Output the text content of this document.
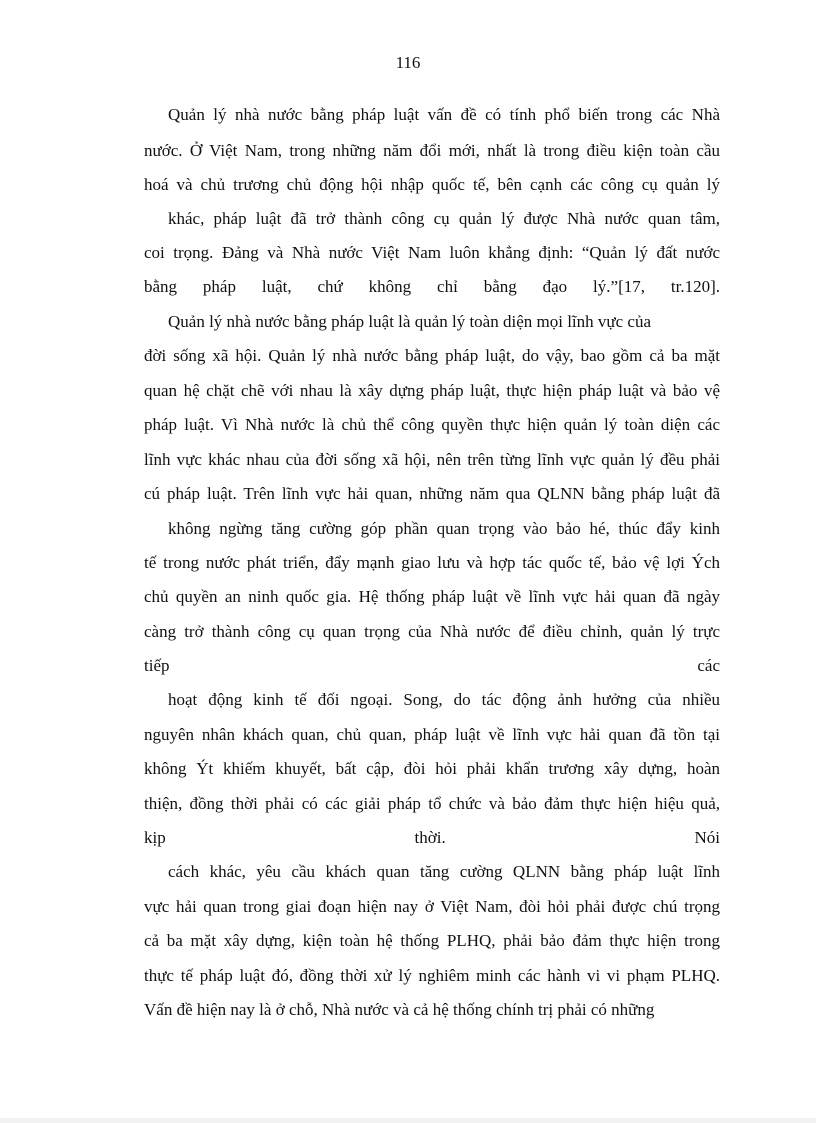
116
Quản lý nhà nước bằng pháp luật vấn đề có tính phổ biến trong các Nhà
nước. Ở Việt Nam, trong những năm đổi mới, nhất là trong điều kiện toàn cầu
hoá và chủ trương chủ động hội nhập quốc tế, bên cạnh các công cụ quản lý
khác, pháp luật đã trở thành công cụ quản lý được Nhà nước quan tâm,
coi trọng. Đảng và Nhà nước Việt Nam luôn khẳng định: “Quản lý đất nước
bằng pháp luật, chứ không chỉ bằng đạo lý.”[17, tr.120].
Quản lý nhà nước bằng pháp luật là quản lý toàn diện mọi lĩnh vực của
đời sống xã hội. Quản lý nhà nước bằng pháp luật, do vậy, bao gồm cả ba mặt
quan hệ chặt chẽ với nhau là xây dựng pháp luật, thực hiện pháp luật và bảo vệ
pháp luật. Vì Nhà nước là chủ thể công quyền thực hiện quản lý toàn diện các
lĩnh vực khác nhau của đời sống xã hội, nên trên từng lĩnh vực quản lý đều phải
cú pháp luật. Trên lĩnh vực hải quan, những năm qua QLNN bằng pháp luật đã
không ngừng tăng cường góp phần quan trọng vào bảo hé, thúc đẩy kinh
tế trong nước phát triển, đẩy mạnh giao lưu và hợp tác quốc tế, bảo vệ lợi Ých
chủ quyền an ninh quốc gia. Hệ thống pháp luật về lĩnh vực hải quan đã ngày
càng trở thành công cụ quan trọng của Nhà nước để điều chỉnh, quản lý trực
tiếp các
hoạt động kinh tế đối ngoại. Song, do tác động ảnh hưởng của nhiều
nguyên nhân khách quan, chủ quan, pháp luật về lĩnh vực hải quan đã tồn tại
không Ýt khiếm khuyết, bất cập, đòi hỏi phải khẩn trương xây dựng, hoàn
thiện, đồng thời phải có các giải pháp tổ chức và bảo đảm thực hiện hiệu quả,
kịp thời. Nói
cách khác, yêu cầu khách quan tăng cường QLNN bằng pháp luật lĩnh
vực hải quan trong giai đoạn hiện nay ở Việt Nam, đòi hỏi phải được chú trọng
cả ba mặt xây dựng, kiện toàn hệ thống PLHQ, phải bảo đảm thực hiện trong
thực tế pháp luật đó, đồng thời xử lý nghiêm minh các hành vi vi phạm PLHQ.
Vấn đề hiện nay là ở chỗ, Nhà nước và cả hệ thống chính trị phải có những
